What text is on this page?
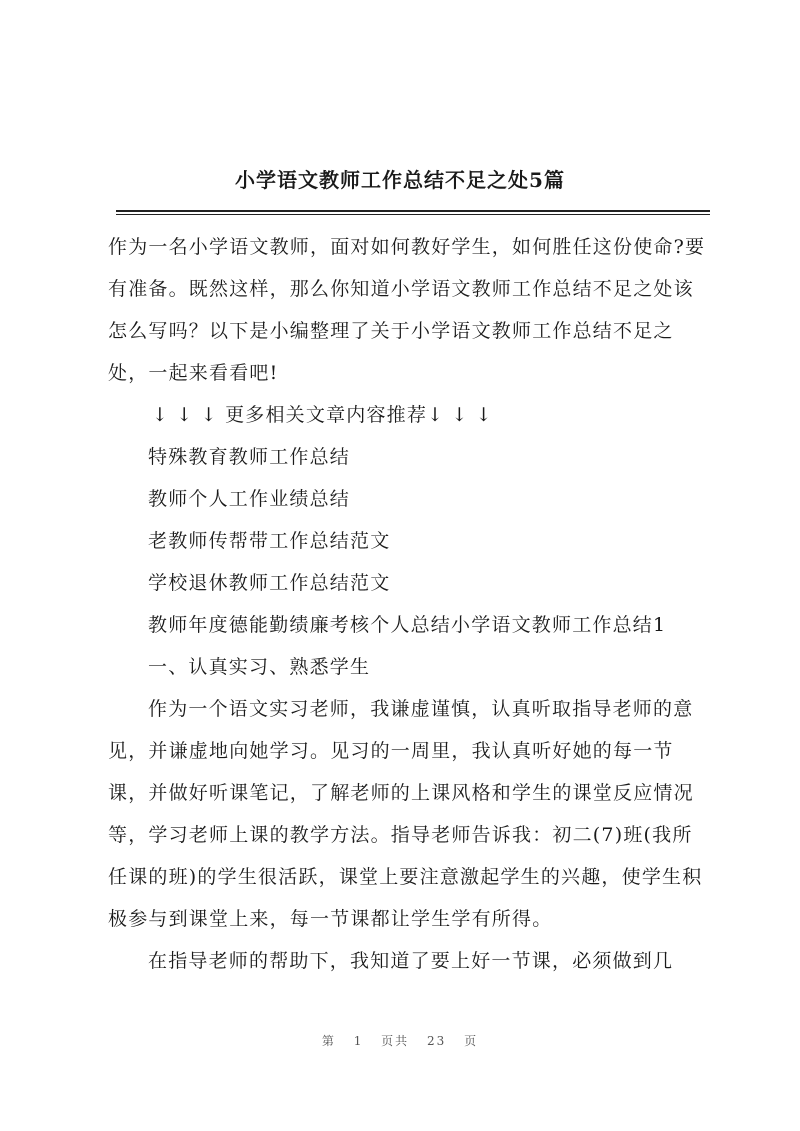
小学语文教师工作总结不足之处5篇

作为一名小学语文教师，面对如何教好学生，如何胜任这份使命?要有准备。既然这样，那么你知道小学语文教师工作总结不足之处该怎么写吗？以下是小编整理了关于小学语文教师工作总结不足之处，一起来看看吧!

↓ ↓ ↓ 更多相关文章内容推荐↓ ↓ ↓

特殊教育教师工作总结

教师个人工作业绩总结

老教师传帮带工作总结范文

学校退休教师工作总结范文

教师年度德能勤绩廉考核个人总结小学语文教师工作总结1

一、认真实习、熟悉学生

作为一个语文实习老师，我谦虚谨慎，认真听取指导老师的意见，并谦虚地向她学习。见习的一周里，我认真听好她的每一节课，并做好听课笔记，了解老师的上课风格和学生的课堂反应情况等，学习老师上课的教学方法。指导老师告诉我：初二(7)班(我所任课的班)的学生很活跃，课堂上要注意激起学生的兴趣，使学生积极参与到课堂上来，每一节课都让学生学有所得。

在指导老师的帮助下，我知道了要上好一节课，必须做到几

第 1 页共 23 页
